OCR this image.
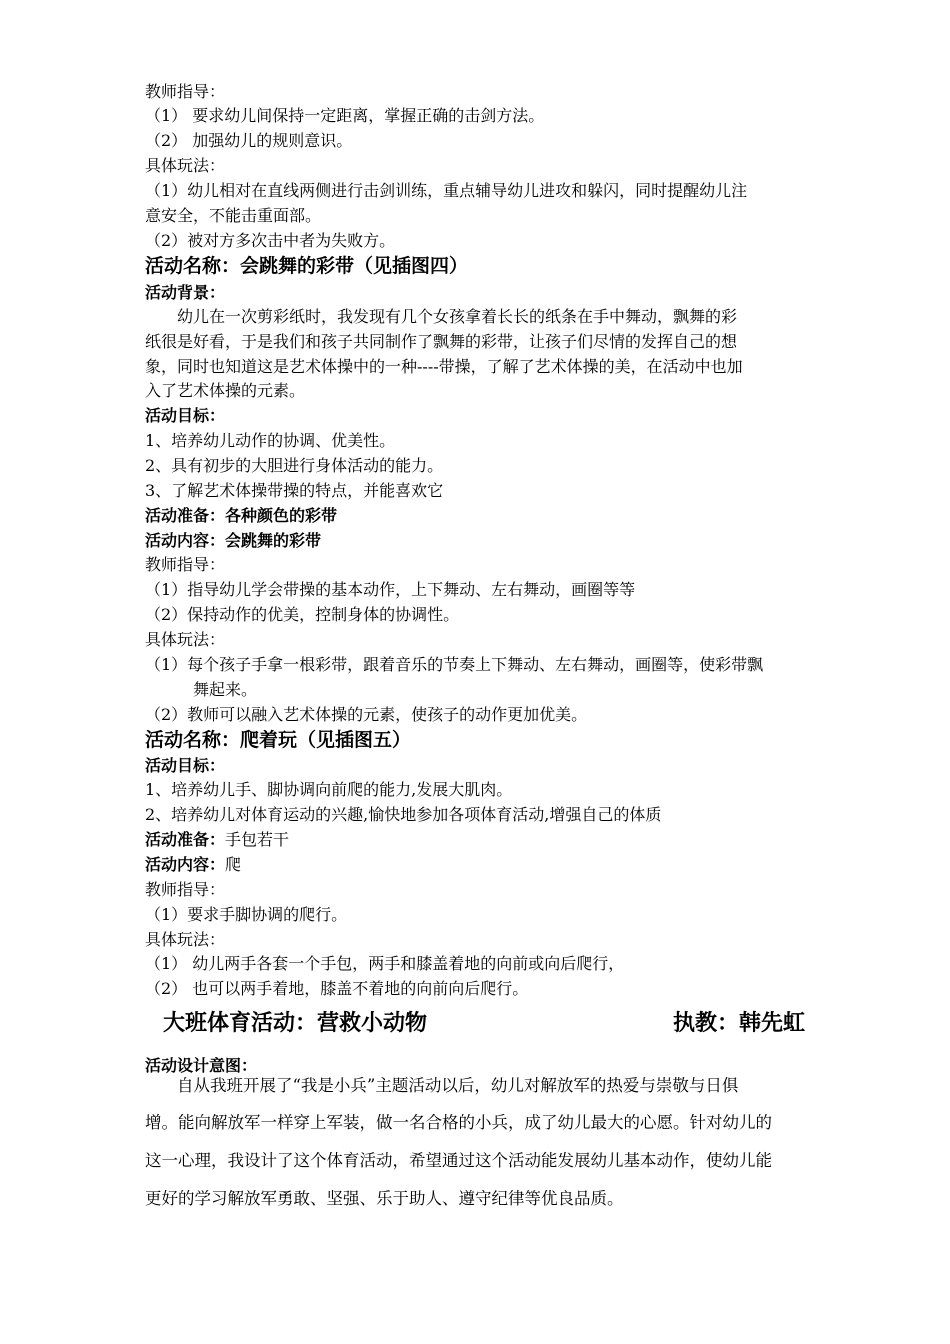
教师指导：
（1） 要求幼儿间保持一定距离，掌握正确的击剑方法。
（2） 加强幼儿的规则意识。
具体玩法：
（1）幼儿相对在直线两侧进行击剑训练，重点辅导幼儿进攻和躲闪，同时提醒幼儿注
意安全，不能击重面部。
（2）被对方多次击中者为失败方。
活动名称：会跳舞的彩带（见插图四）
活动背景：
幼儿在一次剪彩纸时，我发现有几个女孩拿着长长的纸条在手中舞动，飘舞的彩
纸很是好看，于是我们和孩子共同制作了飘舞的彩带，让孩子们尽情的发挥自己的想
象，同时也知道这是艺术体操中的一种----带操，了解了艺术体操的美，在活动中也加
入了艺术体操的元素。
活动目标：
1、培养幼儿动作的协调、优美性。
2、具有初步的大胆进行身体活动的能力。
3、了解艺术体操带操的特点，并能喜欢它
活动准备：各种颜色的彩带
活动内容：会跳舞的彩带
教师指导：
（1）指导幼儿学会带操的基本动作，上下舞动、左右舞动，画圈等等
（2）保持动作的优美，控制身体的协调性。
具体玩法：
（1）每个孩子手拿一根彩带，跟着音乐的节奏上下舞动、左右舞动，画圈等，使彩带飘
舞起来。
（2）教师可以融入艺术体操的元素，使孩子的动作更加优美。
活动名称：爬着玩（见插图五）
活动目标：
1、培养幼儿手、脚协调向前爬的能力,发展大肌肉。
2、培养幼儿对体育运动的兴趣,愉快地参加各项体育活动,增强自己的体质
活动准备：手包若干
活动内容：爬
教师指导：
（1）要求手脚协调的爬行。
具体玩法：
（1） 幼儿两手各套一个手包，两手和膝盖着地的向前或向后爬行，
（2） 也可以两手着地，膝盖不着地的向前向后爬行。
大班体育活动：营救小动物	执教：韩先虹
活动设计意图：
自从我班开展了“我是小兵”主题活动以后，幼儿对解放军的热爱与崇敬与日俱
增。能向解放军一样穿上军装，做一名合格的小兵，成了幼儿最大的心愿。针对幼儿的
这一心理，我设计了这个体育活动，希望通过这个活动能发展幼儿基本动作，使幼儿能
更好的学习解放军勇敢、坚强、乐于助人、遵守纪律等优良品质。
